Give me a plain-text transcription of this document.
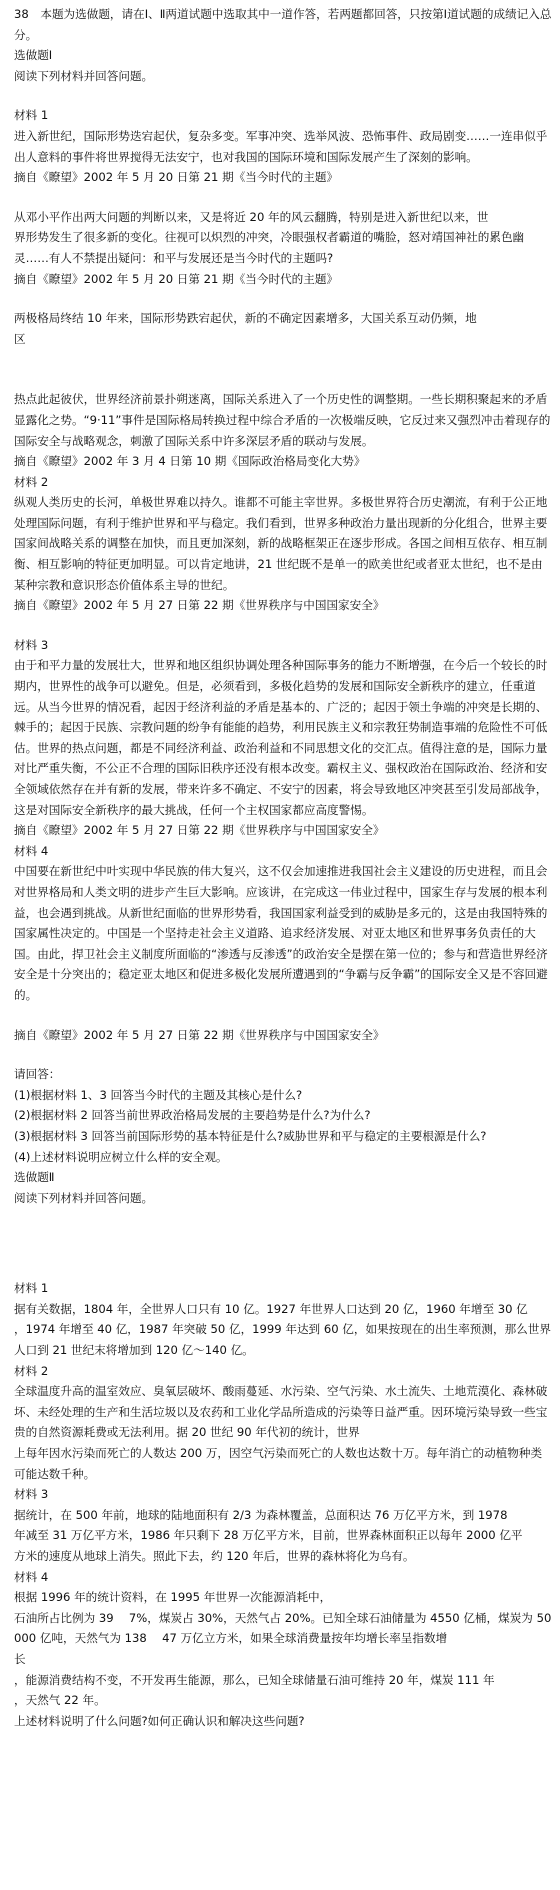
38　本题为选做题，请在Ⅰ、Ⅱ两道试题中选取其中一道作答，若两题都回答，只按第Ⅰ道试题的成绩记入总分。

选做题Ⅰ

阅读下列材料并回答问题。

材料 1

进入新世纪，国际形势迭宕起伏，复杂多变。军事冲突、选举风波、恐怖事件、政局剧变……一连串似乎出人意料的事件将世界搅得无法安宁，也对我国的国际环境和国际发展产生了深刻的影响。

摘自《瞭望》2002 年 5 月 20 日第 21 期《当今时代的主题》

从邓小平作出两大问题的判断以来，又是将近 20 年的风云翻腾，特别是进入新世纪以来，世

界形势发生了很多新的变化。往视可以炽烈的冲突，冷眼强权者霸道的嘴脸，怒对靖国神社的累色幽灵……有人不禁提出疑问：和平与发展还是当今时代的主题吗?

摘自《瞭望》2002 年 5 月 20 日第 21 期《当今时代的主题》

两极格局终结 10 年来，国际形势跌宕起伏，新的不确定因素增多，大国关系互动仍频，地

区

热点此起彼伏，世界经济前景扑朔迷离，国际关系进入了一个历史性的调整期。一些长期积聚起来的矛盾显露化之势。“9·11”事件是国际格局转换过程中综合矛盾的一次极端反映，它反过来又强烈冲击着现存的国际安全与战略观念，刺激了国际关系中许多深层矛盾的联动与发展。

摘自《瞭望》2002 年 3 月 4 日第 10 期《国际政治格局变化大势》

材料 2

纵观人类历史的长河，单极世界难以持久。谁都不可能主宰世界。多极世界符合历史潮流，有利于公正地处理国际问题，有利于维护世界和平与稳定。我们看到，世界多种政治力量出现新的分化组合，世界主要国家间战略关系的调整在加快，而且更加深刻，新的战略框架正在逐步形成。各国之间相互依存、相互制衡、相互影响的特征更加明显。可以肯定地讲，21 世纪既不是单一的欧美世纪或者亚太世纪，也不是由某种宗教和意识形态价值体系主导的世纪。

摘自《瞭望》2002 年 5 月 27 日第 22 期《世界秩序与中国国家安全》

材料 3

由于和平力量的发展壮大，世界和地区组织协调处理各种国际事务的能力不断增强，在今后一个较长的时期内，世界性的战争可以避免。但是，必须看到，多极化趋势的发展和国际安全新秩序的建立，任重道远。从当今世界的情况看，起因于经济利益的矛盾是基本的、广泛的；起因于领土争端的冲突是长期的、棘手的；起因于民族、宗教问题的纷争有能能的趋势，利用民族主义和宗教狂势制造事端的危险性不可低估。世界的热点问题，都是不同经济利益、政治利益和不同思想文化的交汇点。值得注意的是，国际力量对比严重失衡，不公正不合理的国际旧秩序还没有根本改变。霸权主义、强权政治在国际政治、经济和安全领域依然存在并有新的发展，带来许多不确定、不安宁的因素，将会导致地区冲突甚至引发局部战争，这是对国际安全新秩序的最大挑战，任何一个主权国家都应高度警惕。

摘自《瞭望》2002 年 5 月 27 日第 22 期《世界秩序与中国国家安全》

材料 4

中国要在新世纪中叶实现中华民族的伟大复兴，这不仅会加速推进我国社会主义建设的历史进程，而且会对世界格局和人类文明的进步产生巨大影响。应该讲，在完成这一伟业过程中，国家生存与发展的根本利益，也会遇到挑战。从新世纪面临的世界形势看，我国国家利益受到的威胁是多元的，这是由我国特殊的国家属性决定的。中国是一个坚持走社会主义道路、追求经济发展、对亚太地区和世界事务负责任的大国。由此，捍卫社会主义制度所面临的“渗透与反渗透”的政治安全是摆在第一位的；参与和营造世界经济安全是十分突出的；稳定亚太地区和促进多极化发展所遭遇到的“争霸与反争霸”的国际安全又是不容回避的。

摘自《瞭望》2002 年 5 月 27 日第 22 期《世界秩序与中国国家安全》

请回答：

(1)根据材料 1、3 回答当今时代的主题及其核心是什么?

(2)根据材料 2 回答当前世界政治格局发展的主要趋势是什么?为什么?

(3)根据材料 3 回答当前国际形势的基本特征是什么?威胁世界和平与稳定的主要根源是什么?

(4)上述材料说明应树立什么样的安全观。

选做题Ⅱ

阅读下列材料并回答问题。

材料 1

据有关数据，1804 年，全世界人口只有 10 亿。1927 年世界人口达到 20 亿，1960 年增至 30 亿

，1974 年增至 40 亿，1987 年突破 50 亿，1999 年达到 60 亿，如果按现在的出生率预测，那么世界

人口到 21 世纪末将增加到 120 亿～140 亿。

材料 2

全球温度升高的温室效应、臭氧层破坏、酸雨蔓延、水污染、空气污染、水土流失、土地荒漠化、森林破坏、未经处理的生产和生活垃圾以及农药和工业化学品所造成的污染等日益严重。因环境污染导致一些宝贵的自然资源耗费或无法利用。据 20 世纪 90 年代初的统计，世界

上每年因水污染而死亡的人数达 200 万，因空气污染而死亡的人数也达数十万。每年消亡的动植物种类可能达数千种。

材料 3

据统计，在 500 年前，地球的陆地面积有 2/3 为森林覆盖，总面积达 76 万亿平方米，到 1978

年减至 31 万亿平方米，1986 年只剩下 28 万亿平方米，目前，世界森林面积正以每年 2000 亿平

方米的速度从地球上消失。照此下去，约 120 年后，世界的森林将化为乌有。

材料 4

根据 1996 年的统计资料，在 1995 年世界一次能源消耗中，

石油所占比例为 39　 7%，煤炭占 30%，天然气占 20%。已知全球石油储量为 4550 亿桶，煤炭为 50000 亿吨，天然气为 138　 47 万亿立方米，如果全球消费量按年均增长率呈指数增

长

，能源消费结构不变，不开发再生能源，那么，已知全球储量石油可维持 20 年，煤炭 111 年

，天然气 22 年。

上述材料说明了什么问题?如何正确认识和解决这些问题?
